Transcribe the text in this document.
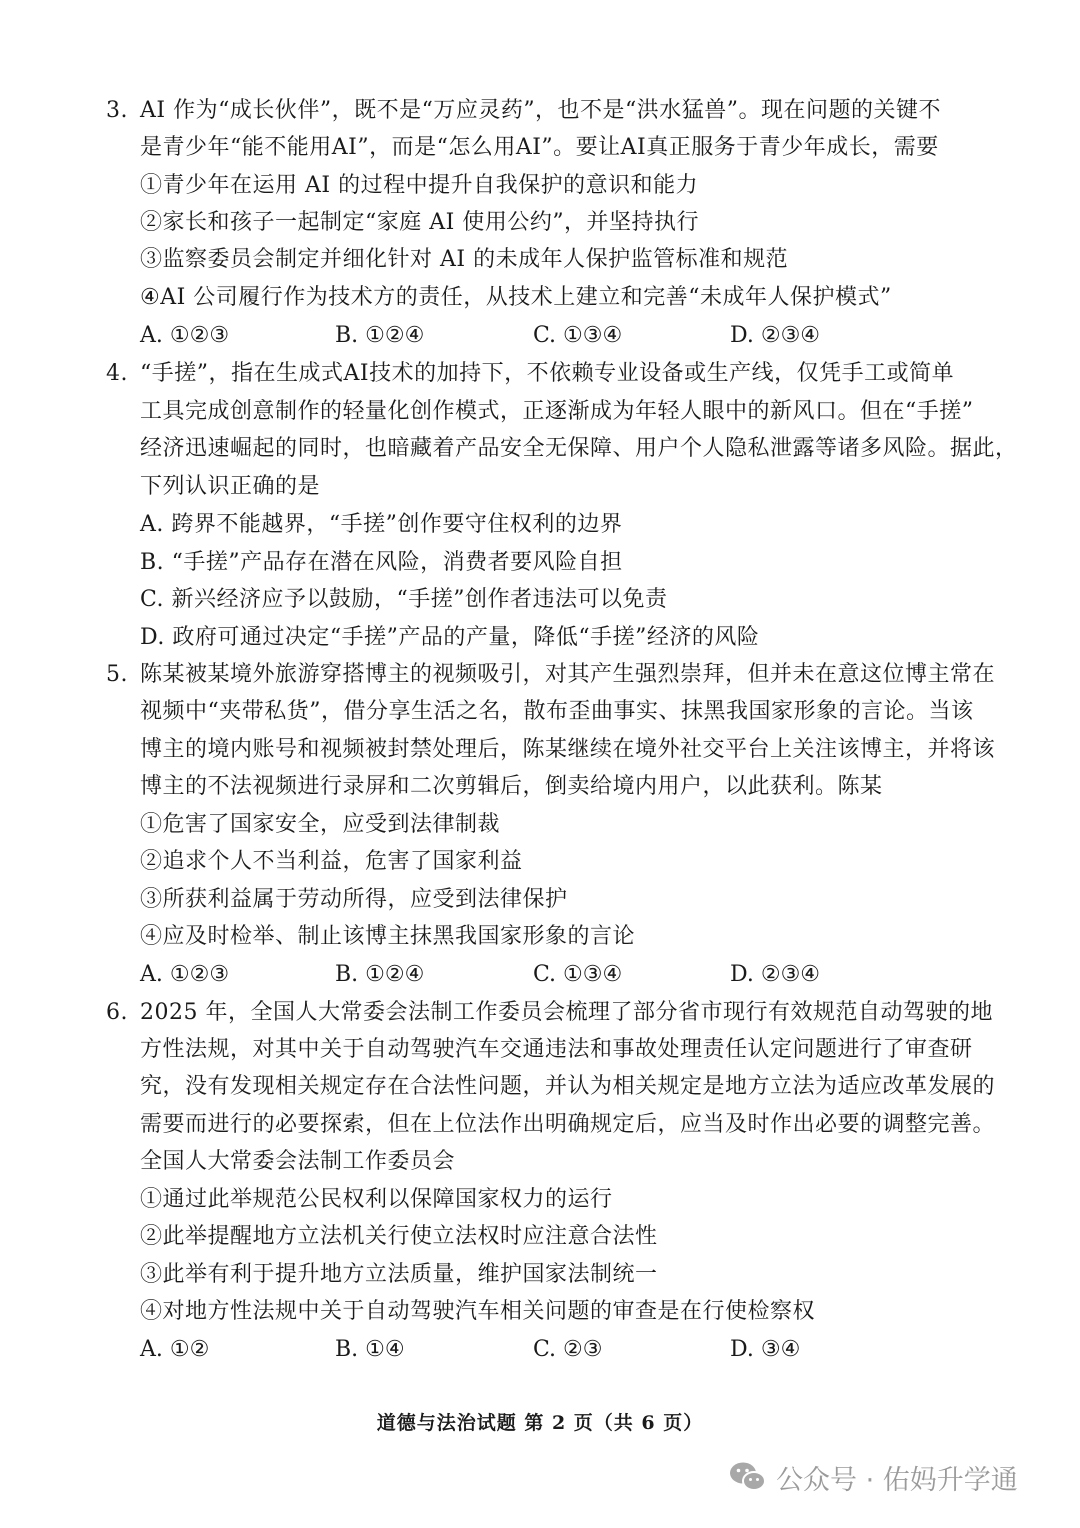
3. AI 作为“成长伙伴”，既不是“万应灵药”，也不是“洪水猛兽”。现在问题的关键不
是青少年“能不能用AI”，而是“怎么用AI”。要让AI真正服务于青少年成长，需要
①青少年在运用 AI 的过程中提升自我保护的意识和能力
②家长和孩子一起制定“家庭 AI 使用公约”，并坚持执行
③监察委员会制定并细化针对 AI 的未成年人保护监管标准和规范
④AI 公司履行作为技术方的责任，从技术上建立和完善“未成年人保护模式”
A. ①②③	B. ①②④	C. ①③④	D. ②③④
4. “手搓”，指在生成式AI技术的加持下，不依赖专业设备或生产线，仅凭手工或简单
工具完成创意制作的轻量化创作模式，正逐渐成为年轻人眼中的新风口。但在“手搓”
经济迅速崛起的同时，也暗藏着产品安全无保障、用户个人隐私泄露等诸多风险。据此，
下列认识正确的是
A. 跨界不能越界，“手搓”创作要守住权利的边界
B. “手搓”产品存在潜在风险，消费者要风险自担
C. 新兴经济应予以鼓励，“手搓”创作者违法可以免责
D. 政府可通过决定“手搓”产品的产量，降低“手搓”经济的风险
5. 陈某被某境外旅游穿搭博主的视频吸引，对其产生强烈崇拜，但并未在意这位博主常在
视频中“夹带私货”，借分享生活之名，散布歪曲事实、抹黑我国家形象的言论。当该
博主的境内账号和视频被封禁处理后，陈某继续在境外社交平台上关注该博主，并将该
博主的不法视频进行录屏和二次剪辑后，倒卖给境内用户，以此获利。陈某
①危害了国家安全，应受到法律制裁
②追求个人不当利益，危害了国家利益
③所获利益属于劳动所得，应受到法律保护
④应及时检举、制止该博主抹黑我国家形象的言论
A. ①②③	B. ①②④	C. ①③④	D. ②③④
6. 2025 年，全国人大常委会法制工作委员会梳理了部分省市现行有效规范自动驾驶的地
方性法规，对其中关于自动驾驶汽车交通违法和事故处理责任认定问题进行了审查研
究，没有发现相关规定存在合法性问题，并认为相关规定是地方立法为适应改革发展的
需要而进行的必要探索，但在上位法作出明确规定后，应当及时作出必要的调整完善。
全国人大常委会法制工作委员会
①通过此举规范公民权利以保障国家权力的运行
②此举提醒地方立法机关行使立法权时应注意合法性
③此举有利于提升地方立法质量，维护国家法制统一
④对地方性法规中关于自动驾驶汽车相关问题的审查是在行使检察权
A. ①②	B. ①④	C. ②③	D. ③④
道德与法治试题 第 2 页（共 6 页）
公众号 · 佑妈升学通
